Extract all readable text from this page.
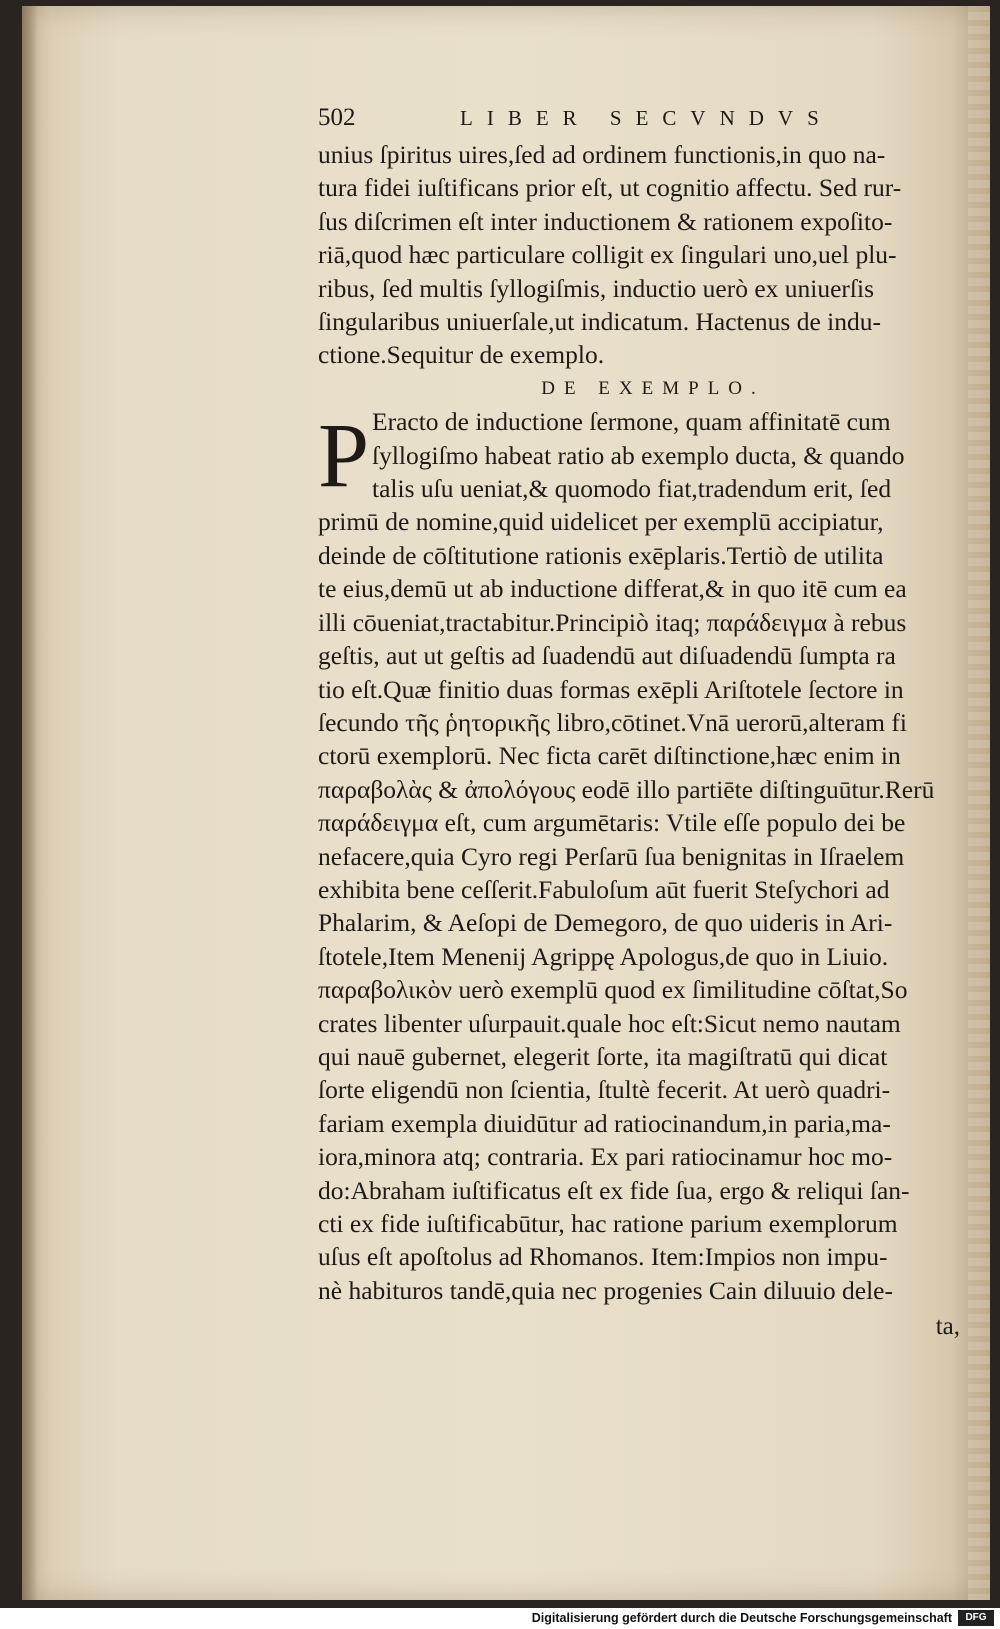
502	LIBER SECVNDVS
unius ſpiritus uires,ſed ad ordinem functionis,in quo na-
tura fidei iuſtificans prior eſt, ut cognitio affectu. Sed rur-
ſus diſcrimen eſt inter inductionem & rationem expoſito-
riā,quod hæc particulare colligit ex ſingulari uno,uel plu-
ribus, ſed multis ſyllogiſmis, inductio uerò ex uniuerſis
ſingularibus uniuerſale,ut indicatum. Hactenus de indu-
ctione.Sequitur de exemplo.
DE EXEMPLO.
P Eracto de inductione ſermone, quam affinitatē cum
ſyllogiſmo habeat ratio ab exemplo ducta, & quando
talis uſu ueniat,& quomodo fiat,tradendum erit, ſed
primū de nomine,quid uidelicet per exemplū accipiatur,
deinde de cōſtitutione rationis exēplaris.Tertiò de utilita
te eius,demū ut ab inductione differat,& in quo itē cum ea
illi cōueniat,tractabitur.Principiò itaq; παράδειγμα à rebus
geſtis, aut ut geſtis ad ſuadendū aut diſuadendū ſumpta ra
tio eſt.Quæ finitio duas formas exēpli Ariſtotele ſectore in
ſecundo τῆς ῥητορικῆς libro,cōtinet.Vnā uerorū,alteram fi
ctorū exemplorū. Nec ficta carēt diſtinctione,hæc enim in
παραβολὰς & ἀπολόγους eodē illo partiēte diſtinguūtur.Rerū
παράδειγμα eſt, cum argumētaris: Vtile eſſe populo dei be
nefacere,quia Cyro regi Perſarū ſua benignitas in Iſraelem
exhibita bene ceſſerit.Fabuloſum aūt fuerit Steſychori ad
Phalarim, & Aeſopi de Demegoro, de quo uideris in Ari-
ſtotele,Item Menenij Agrippę Apologus,de quo in Liuio.
παραβολικὸν uerò exemplū quod ex ſimilitudine cōſtat,So
crates libenter uſurpauit.quale hoc eſt:Sicut nemo nautam
qui nauē gubernet, elegerit ſorte, ita magiſtratū qui dicat
ſorte eligendū non ſcientia, ſtultè fecerit. At uerò quadri-
fariam exempla diuidūtur ad ratiocinandum,in paria,ma-
iora,minora atq; contraria. Ex pari ratiocinamur hoc mo-
do:Abraham iuſtificatus eſt ex fide ſua, ergo & reliqui ſan-
cti ex fide iuſtificabūtur, hac ratione parium exemplorum
uſus eſt apoſtolus ad Rhomanos. Item:Impios non impu-
nè habituros tandē,quia nec progenies Cain diluuio dele-
ta,
Digitalisierung gefördert durch die Deutsche Forschungsgemeinschaft	DFG
